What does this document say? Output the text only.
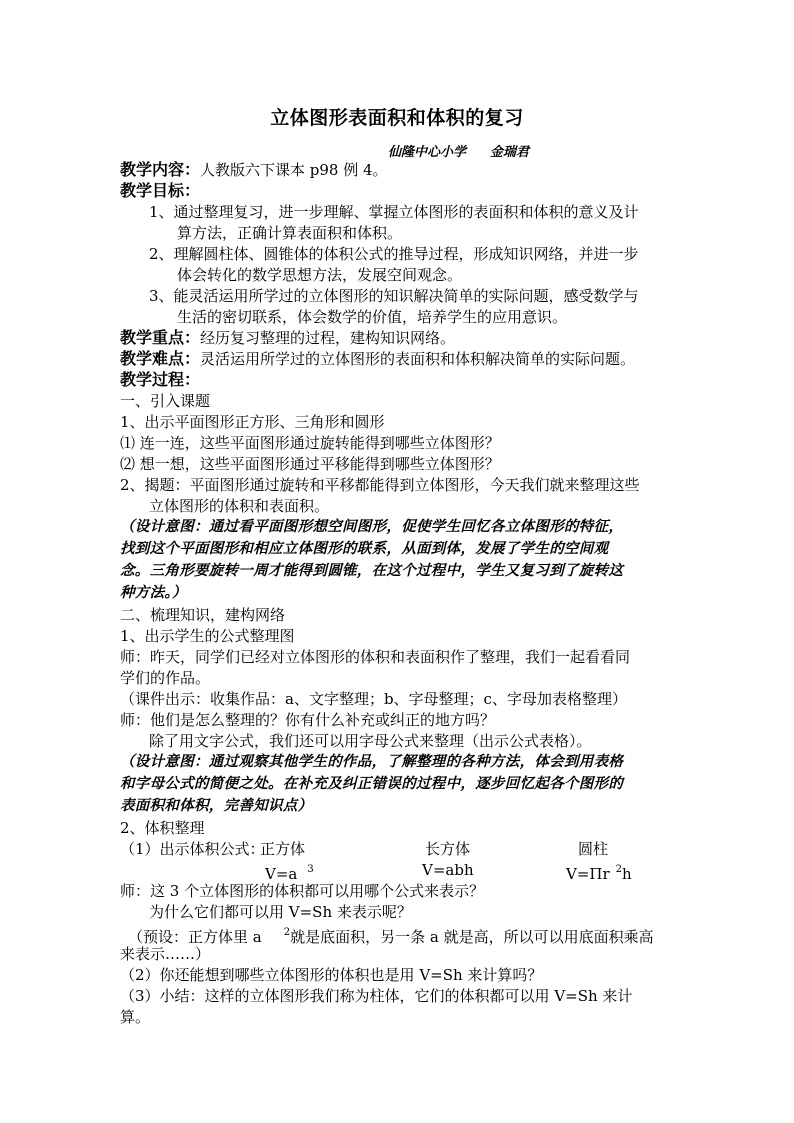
立体图形表面积和体积的复习
仙隆中心小学 金瑞君
教学内容：人教版六下课本 p98 例 4。
教学目标：
1、通过整理复习，进一步理解、掌握立体图形的表面积和体积的意义及计
算方法，正确计算表面积和体积。
2、理解圆柱体、圆锥体的体积公式的推导过程，形成知识网络，并进一步
体会转化的数学思想方法，发展空间观念。
3、能灵活运用所学过的立体图形的知识解决简单的实际问题，感受数学与
生活的密切联系，体会数学的价值，培养学生的应用意识。
教学重点：经历复习整理的过程，建构知识网络。
教学难点：灵活运用所学过的立体图形的表面积和体积解决简单的实际问题。
教学过程：
一、引入课题
1、出示平面图形正方形、三角形和圆形
⑴ 连一连，这些平面图形通过旋转能得到哪些立体图形？
⑵ 想一想，这些平面图形通过平移能得到哪些立体图形？
2、揭题：平面图形通过旋转和平移都能得到立体图形，今天我们就来整理这些
立体图形的体积和表面积。
（设计意图：通过看平面图形想空间图形，促使学生回忆各立体图形的特征，
找到这个平面图形和相应立体图形的联系，从面到体，发展了学生的空间观
念。三角形要旋转一周才能得到圆锥，在这个过程中，学生又复习到了旋转这
种方法。）
二、梳理知识，建构网络
1、出示学生的公式整理图
师：昨天，同学们已经对立体图形的体积和表面积作了整理，我们一起看看同
学们的作品。
（课件出示：收集作品：a、文字整理；b、字母整理；c、字母加表格整理）
师：他们是怎么整理的？你有什么补充或纠正的地方吗？
除了用文字公式，我们还可以用字母公式来整理（出示公式表格）。
（设计意图：通过观察其他学生的作品，了解整理的各种方法，体会到用表格
和字母公式的简便之处。在补充及纠正错误的过程中，逐步回忆起各个图形的
表面积和体积，完善知识点）
2、体积整理
（1）出示体积公式：
正方体	长方体	圆柱
V=a $^3$	V=abh	V=Πr $^2$h
师：这 3 个立体图形的体积都可以用哪个公式来表示？
为什么它们都可以用 V=Sh 来表示呢？
（预设：正方体里 a $^2$就是底面积，另一条 a 就是高，所以可以用底面积乘高
来表示……）
（2）你还能想到哪些立体图形的体积也是用 V=Sh 来计算吗？
（3）小结：这样的立体图形我们称为柱体，它们的体积都可以用 V=Sh 来计
算。
